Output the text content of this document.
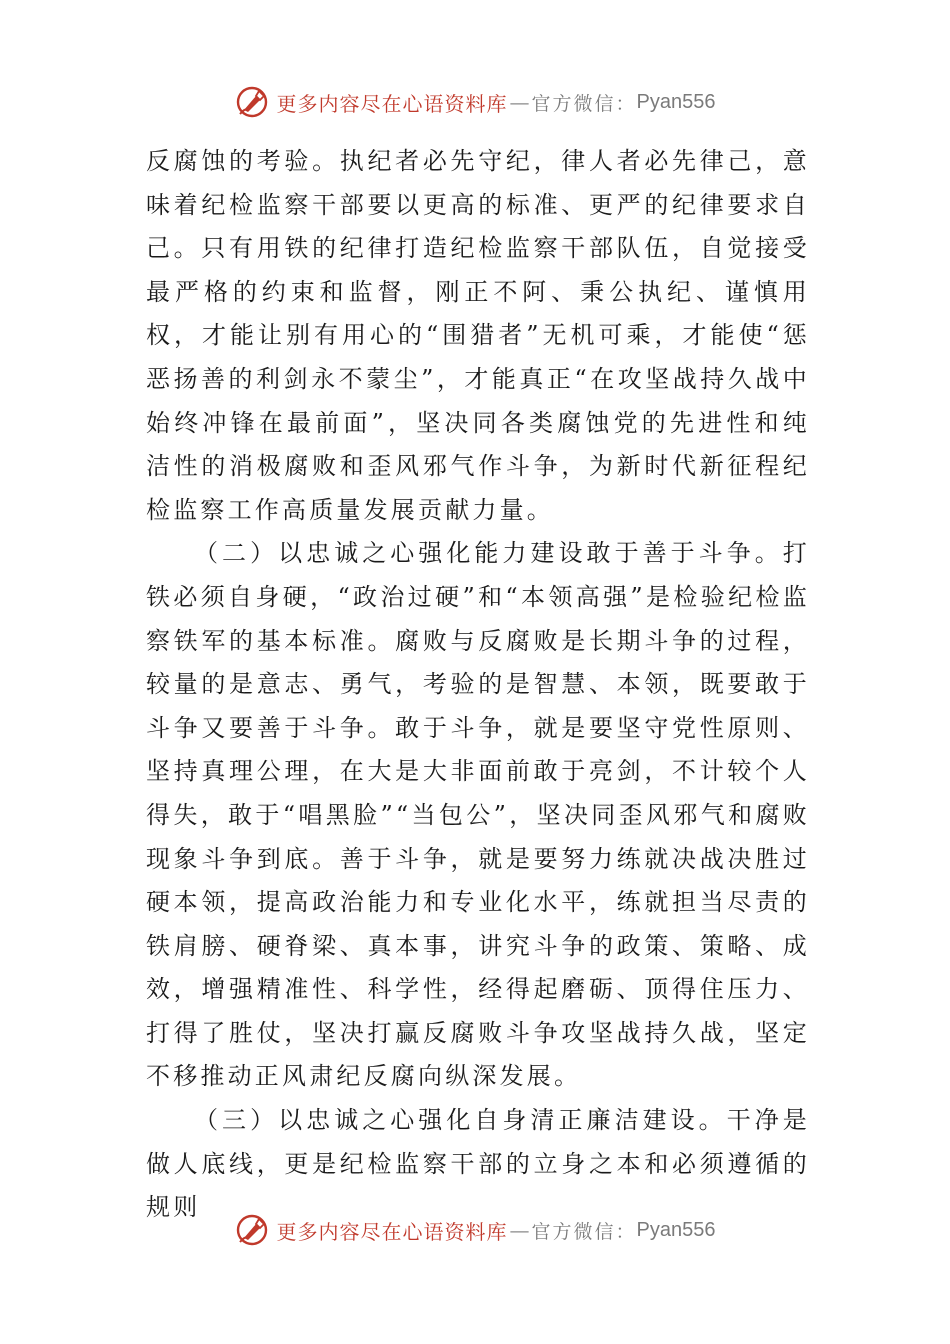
更多内容尽在心语资料库 — 官方微信： Pyan556

反腐蚀的考验。执纪者必先守纪，律人者必先律己，意味着纪检监察干部要以更高的标准、更严的纪律要求自己。只有用铁的纪律打造纪检监察干部队伍，自觉接受最严格的约束和监督，刚正不阿、秉公执纪、谨慎用权，才能让别有用心的“围猎者”无机可乘，才能使“惩恶扬善的利剑永不蒙尘”，才能真正“在攻坚战持久战中始终冲锋在最前面”，坚决同各类腐蚀党的先进性和纯洁性的消极腐败和歪风邪气作斗争，为新时代新征程纪检监察工作高质量发展贡献力量。

（二）以忠诚之心强化能力建设敢于善于斗争。打铁必须自身硬，“政治过硬”和“本领高强”是检验纪检监察铁军的基本标准。腐败与反腐败是长期斗争的过程，较量的是意志、勇气，考验的是智慧、本领，既要敢于斗争又要善于斗争。敢于斗争，就是要坚守党性原则、坚持真理公理，在大是大非面前敢于亮剑，不计较个人得失，敢于“唱黑脸”“当包公”，坚决同歪风邪气和腐败现象斗争到底。善于斗争，就是要努力练就决战决胜过硬本领，提高政治能力和专业化水平，练就担当尽责的铁肩膀、硬脊梁、真本事，讲究斗争的政策、策略、成效，增强精准性、科学性，经得起磨砺、顶得住压力、打得了胜仗，坚决打赢反腐败斗争攻坚战持久战，坚定不移推动正风肃纪反腐向纵深发展。

（三）以忠诚之心强化自身清正廉洁建设。干净是做人底线，更是纪检监察干部的立身之本和必须遵循的规则

更多内容尽在心语资料库 — 官方微信： Pyan556
